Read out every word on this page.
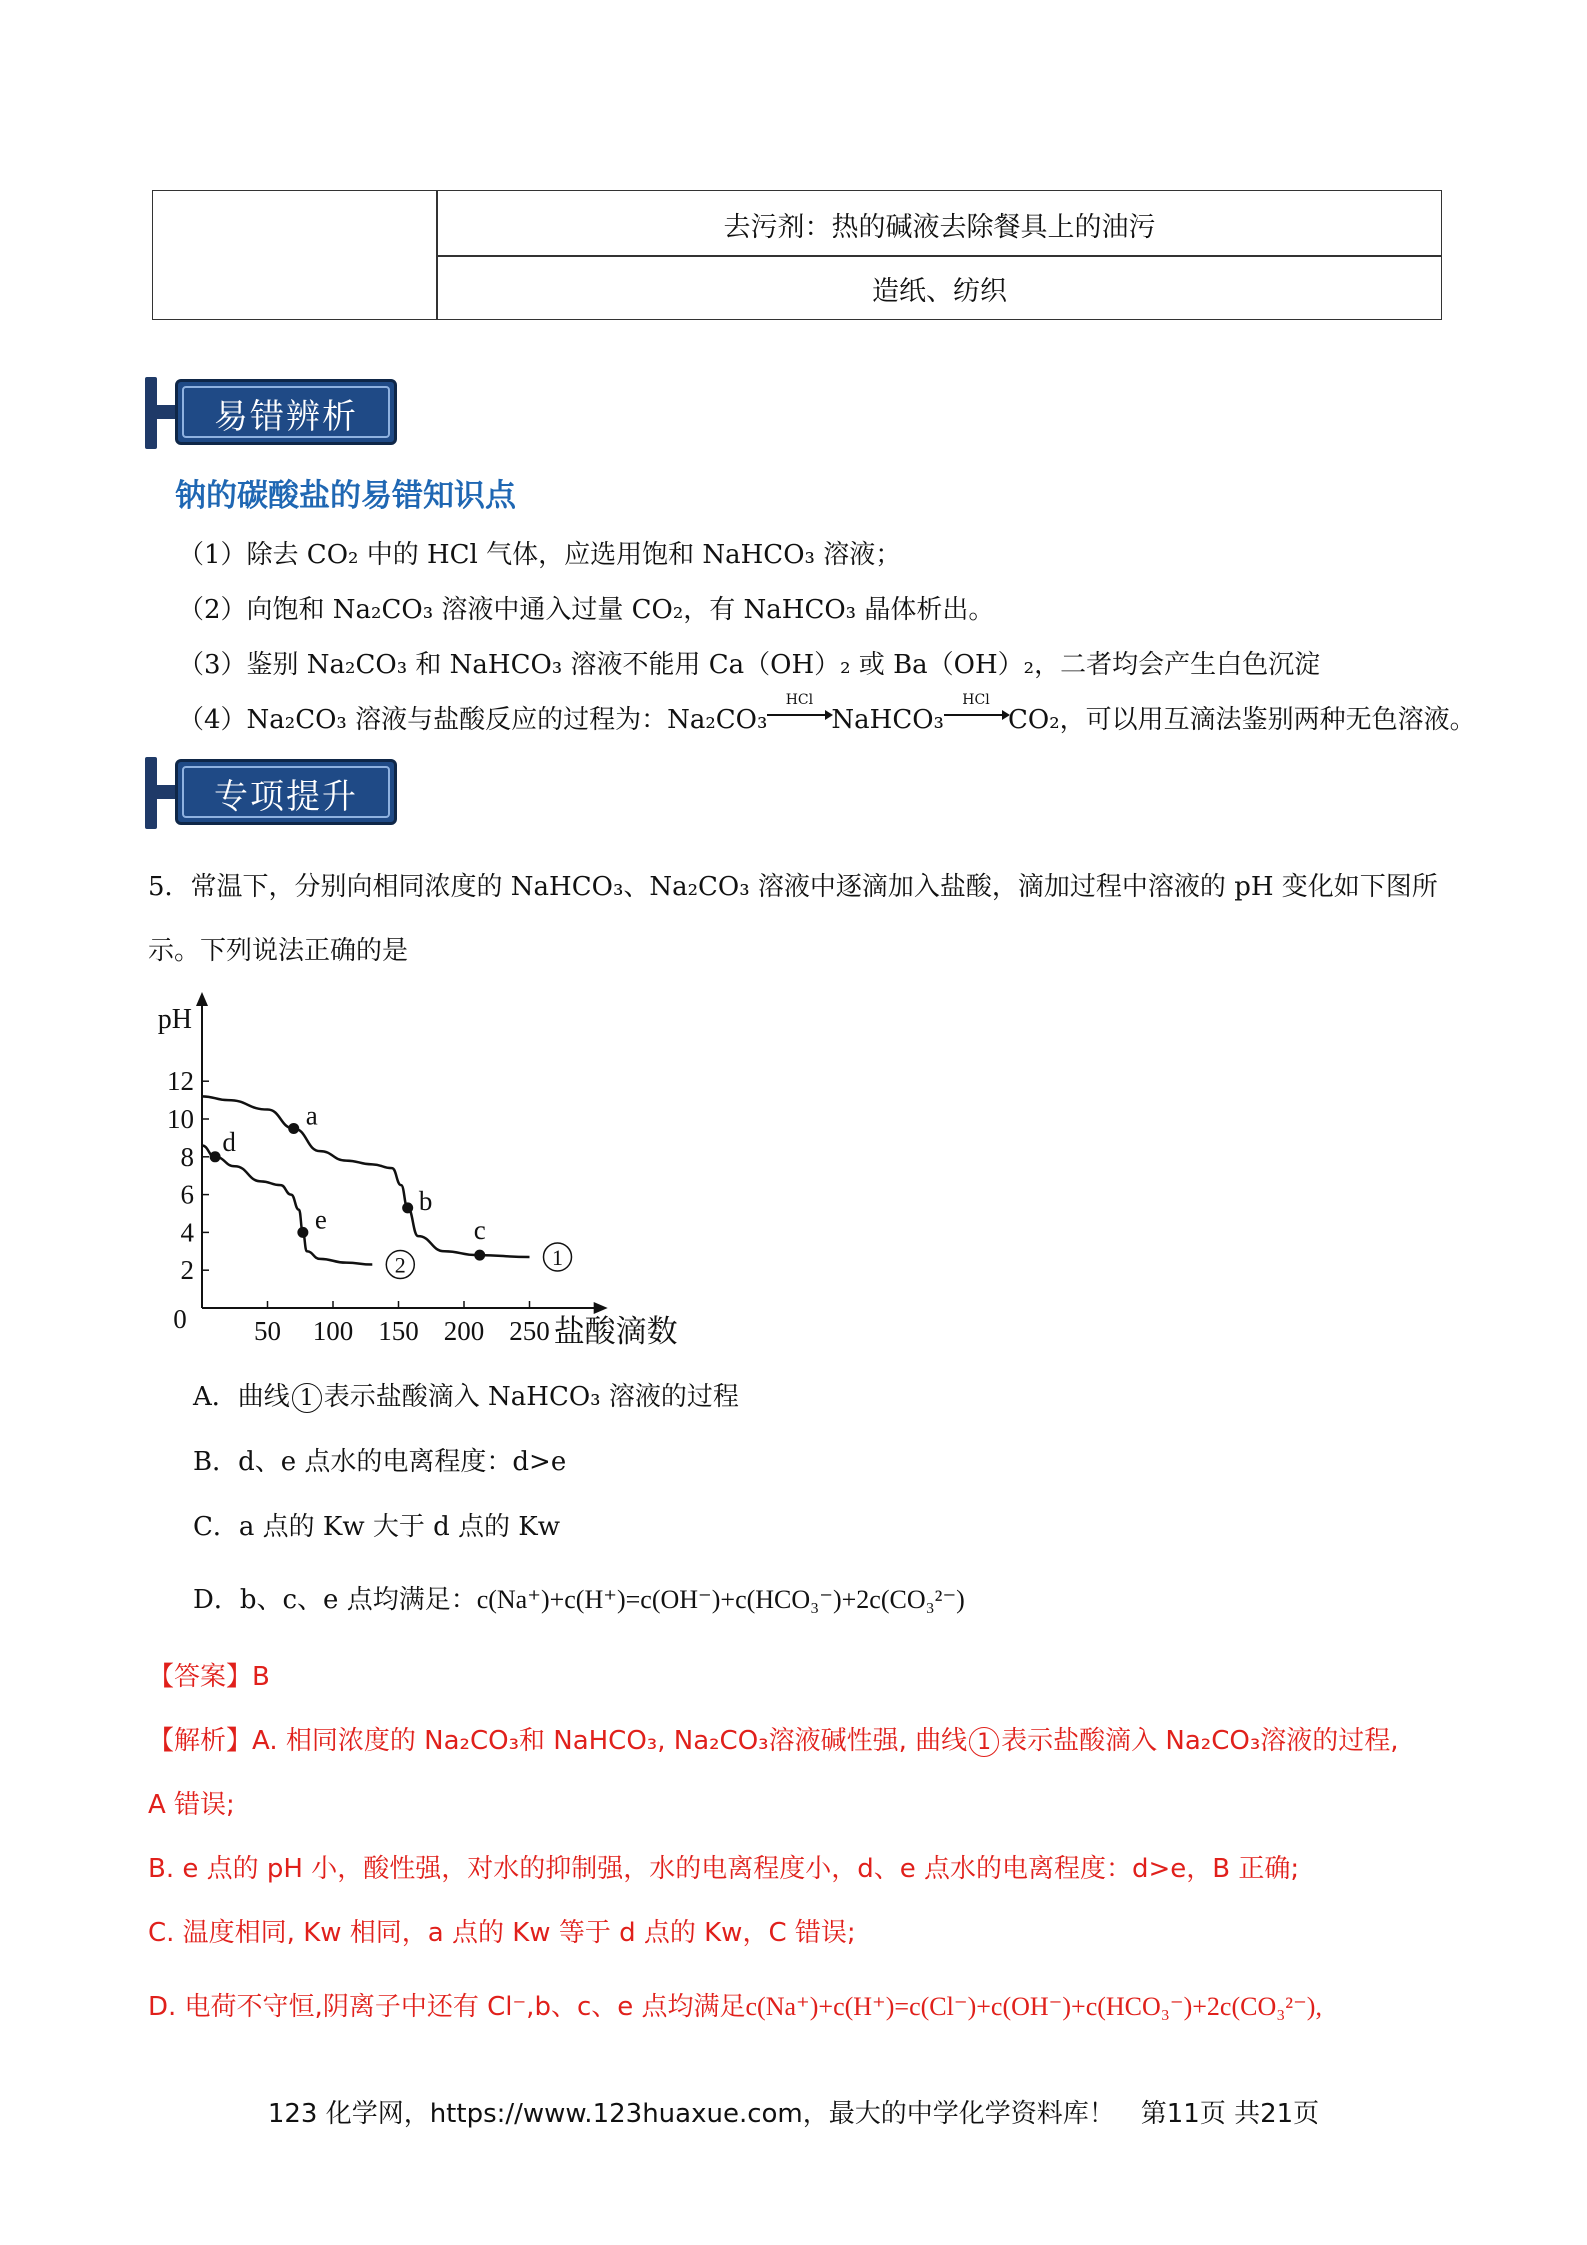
去污剂：热的碱液去除餐具上的油污
造纸、纺织
易错辨析
钠的碳酸盐的易错知识点
（1）除去 CO₂ 中的 HCl 气体，应选用饱和 NaHCO₃ 溶液；
（2）向饱和 Na₂CO₃ 溶液中通入过量 CO₂，有 NaHCO₃ 晶体析出。
（3）鉴别 Na₂CO₃ 和 NaHCO₃ 溶液不能用 Ca（OH）₂ 或 Ba（OH）₂，二者均会产生白色沉淀
（4）Na₂CO₃ 溶液与盐酸反应的过程为：Na₂CO₃
HCl
NaHCO₃
HCl
CO₂，可以用互滴法鉴别两种无色溶液。
专项提升
5．常温下，分别向相同浓度的 NaHCO₃、Na₂CO₃ 溶液中逐滴加入盐酸，滴加过程中溶液的 pH 变化如下图所
示。下列说法正确的是
2
4
6
8
10
12
0 50 100 150 200 250 盐酸滴数
pH
1
2
a
b
c
d
e
A．曲线 1 表示盐酸滴入 NaHCO₃ 溶液的过程
B．d、e 点水的电离程度：d>e
C．a 点的 Kw 大于 d 点的 Kw
D．b、c、e 点均满足：c(Na⁺)+c(H⁺)=c(OH⁻)+c(HCO₃⁻)+2c(CO₃²⁻)
【答案】B
【解析】A. 相同浓度的 Na₂CO₃和 NaHCO₃, Na₂CO₃溶液碱性强, 曲线 1 表示盐酸滴入 Na₂CO₃溶液的过程,
A 错误;
B. e 点的 pH 小，酸性强，对水的抑制强，水的电离程度小，d、e 点水的电离程度：d>e，B 正确;
C. 温度相同, Kw 相同，a 点的 Kw 等于 d 点的 Kw，C 错误;
D. 电荷不守恒,阴离子中还有 Cl⁻,b、c、e 点均满足c(Na⁺)+c(H⁺)=c(Cl⁻)+c(OH⁻)+c(HCO₃⁻)+2c(CO₃²⁻),
123 化学网，https://www.123huaxue.com，最大的中学化学资料库！　第11页 共21页
